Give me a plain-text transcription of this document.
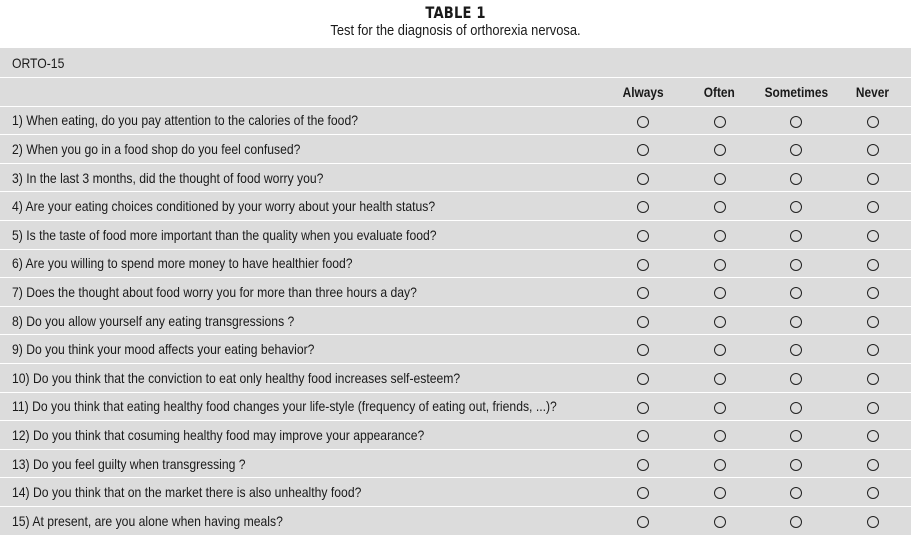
TABLE 1
Test for the diagnosis of orthorexia nervosa.
ORTO-15
Always	Often	Sometimes	Never
1) When eating, do you pay attention to the calories of the food?
2) When you go in a food shop do you feel confused?
3) In the last 3 months, did the thought of food worry you?
4) Are your eating choices conditioned by your worry about your health status?
5) Is the taste of food more important than the quality when you evaluate food?
6) Are you willing to spend more money to have healthier food?
7) Does the thought about food worry you for more than three hours a day?
8) Do you allow yourself any eating transgressions ?
9) Do you think your mood affects your eating behavior?
10) Do you think that the conviction to eat only healthy food increases self-esteem?
11) Do you think that eating healthy food changes your life-style (frequency of eating out, friends, ...)?
12) Do you think that cosuming healthy food may improve your appearance?
13) Do you feel guilty when transgressing ?
14) Do you think that on the market there is also unhealthy food?
15) At present, are you alone when having meals?
